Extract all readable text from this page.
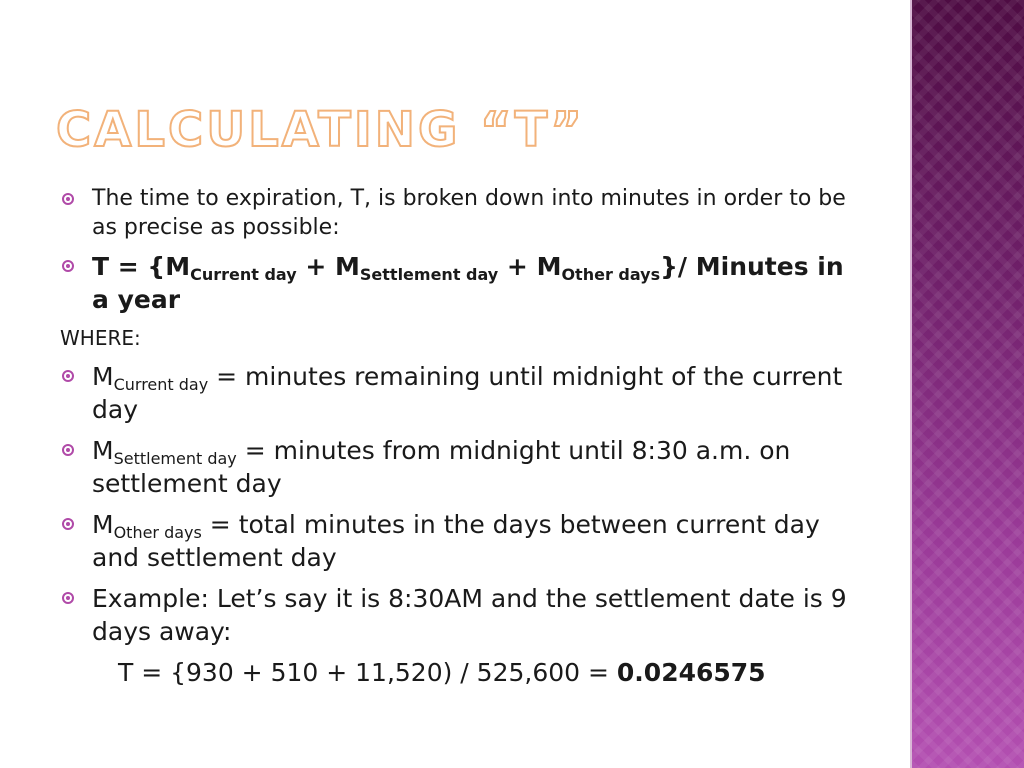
CALCULATING “T”
The time to expiration, T, is broken down into minutes in order to be as precise as possible:
$T = \{M_{Current day} + M_{Settlement day} + M_{Other days}\}/$ Minutes in a year
WHERE:
$M_{Current day}$ = minutes remaining until midnight of the current day
$M_{Settlement day}$ = minutes from midnight until 8:30 a.m. on settlement day
$M_{Other days}$ = total minutes in the days between current day and settlement day
Example: Let’s say it is 8:30AM and the settlement date is 9 days away:
T = {930 + 510 + 11,520) / 525,600 = 0.0246575
